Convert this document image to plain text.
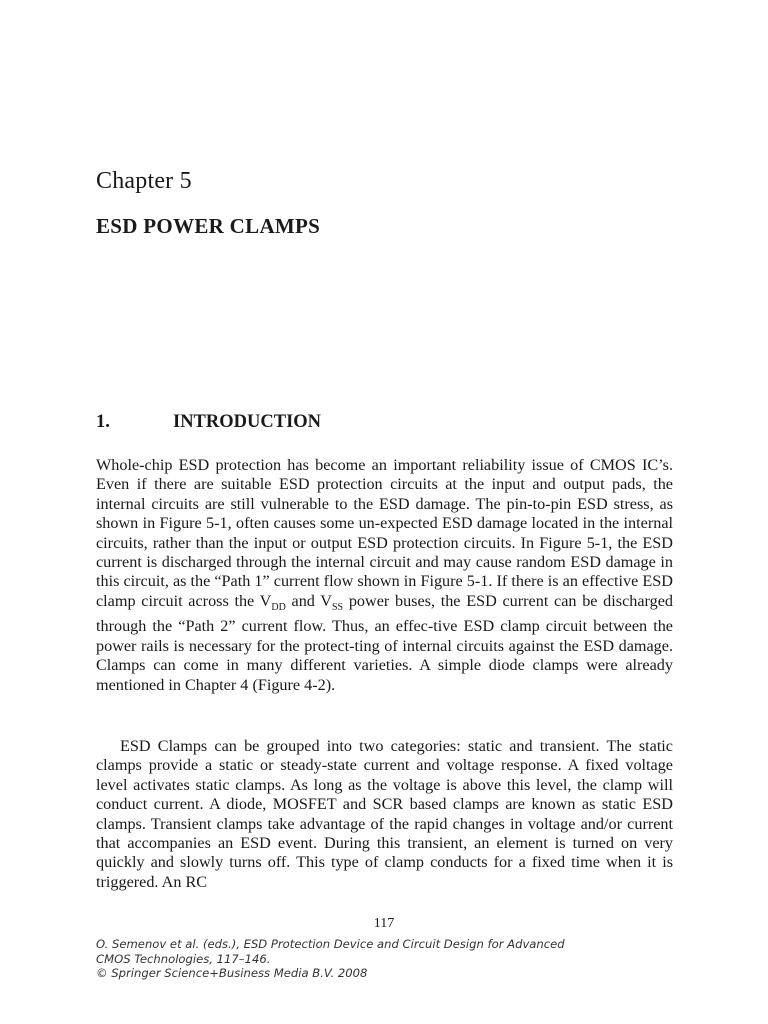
Chapter 5
ESD POWER CLAMPS
1.	INTRODUCTION

Whole-chip ESD protection has become an important reliability issue of CMOS IC’s. Even if there are suitable ESD protection circuits at the input and output pads, the internal circuits are still vulnerable to the ESD damage. The pin-to-pin ESD stress, as shown in Figure 5-1, often causes some un-expected ESD damage located in the internal circuits, rather than the input or output ESD protection circuits. In Figure 5-1, the ESD current is discharged through the internal circuit and may cause random ESD damage in this circuit, as the “Path 1” current flow shown in Figure 5-1. If there is an effective ESD clamp circuit across the $V_{DD}$ and $V_{SS}$ power buses, the ESD current can be discharged through the “Path 2” current flow. Thus, an effec-tive ESD clamp circuit between the power rails is necessary for the protect-ting of internal circuits against the ESD damage. Clamps can come in many different varieties. A simple diode clamps were already mentioned in Chapter 4 (Figure 4-2).

ESD Clamps can be grouped into two categories: static and transient. The static clamps provide a static or steady-state current and voltage response. A fixed voltage level activates static clamps. As long as the voltage is above this level, the clamp will conduct current. A diode, MOSFET and SCR based clamps are known as static ESD clamps. Transient clamps take advantage of the rapid changes in voltage and/or current that accompanies an ESD event. During this transient, an element is turned on very quickly and slowly turns off. This type of clamp conducts for a fixed time when it is triggered. An RC

117
O. Semenov et al. (eds.), ESD Protection Device and Circuit Design for Advanced
CMOS Technologies, 117–146.
© Springer Science+Business Media B.V. 2008
